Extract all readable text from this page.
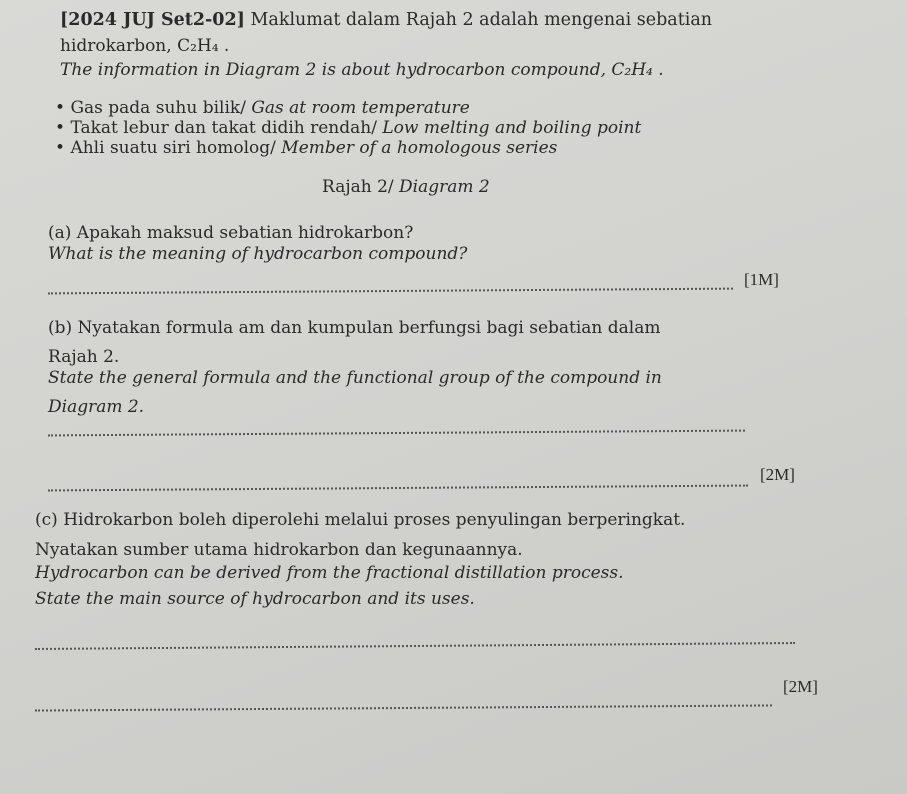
[2024 JUJ Set2-02] Maklumat dalam Rajah 2 adalah mengenai sebatian
hidrokarbon, C₂H₄ .
The information in Diagram 2 is about hydrocarbon compound, C₂H₄ .
• Gas pada suhu bilik/ Gas at room temperature
• Takat lebur dan takat didih rendah/ Low melting and boiling point
• Ahli suatu siri homolog/ Member of a homologous series
Rajah 2/ Diagram 2
(a) Apakah maksud sebatian hidrokarbon?
What is the meaning of hydrocarbon compound?
[1M]
(b) Nyatakan formula am dan kumpulan berfungsi bagi sebatian dalam
Rajah 2.
State the general formula and the functional group of the compound in
Diagram 2.
[2M]
(c) Hidrokarbon boleh diperolehi melalui proses penyulingan berperingkat.
Nyatakan sumber utama hidrokarbon dan kegunaannya.
Hydrocarbon can be derived from the fractional distillation process.
State the main source of hydrocarbon and its uses.
[2M]
